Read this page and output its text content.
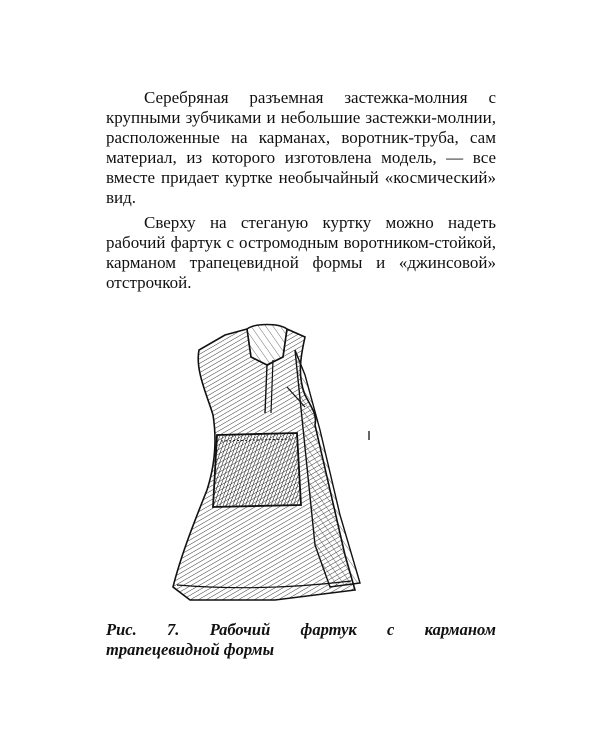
Серебряная разъемная застежка-молния с крупными зубчиками и небольшие застежки-молнии, расположенные на карманах, воротник-труба, сам материал, из которого изготовлена модель, — все вместе придает куртке необычайный «космический» вид.

Сверху на стеганую куртку можно надеть рабочий фартук с остромодным воротником-стойкой, карманом трапецевидной формы и «джинсовой» отстрочкой.

Рис. 7. Рабочий фартук с карманом
трапецевидной формы
